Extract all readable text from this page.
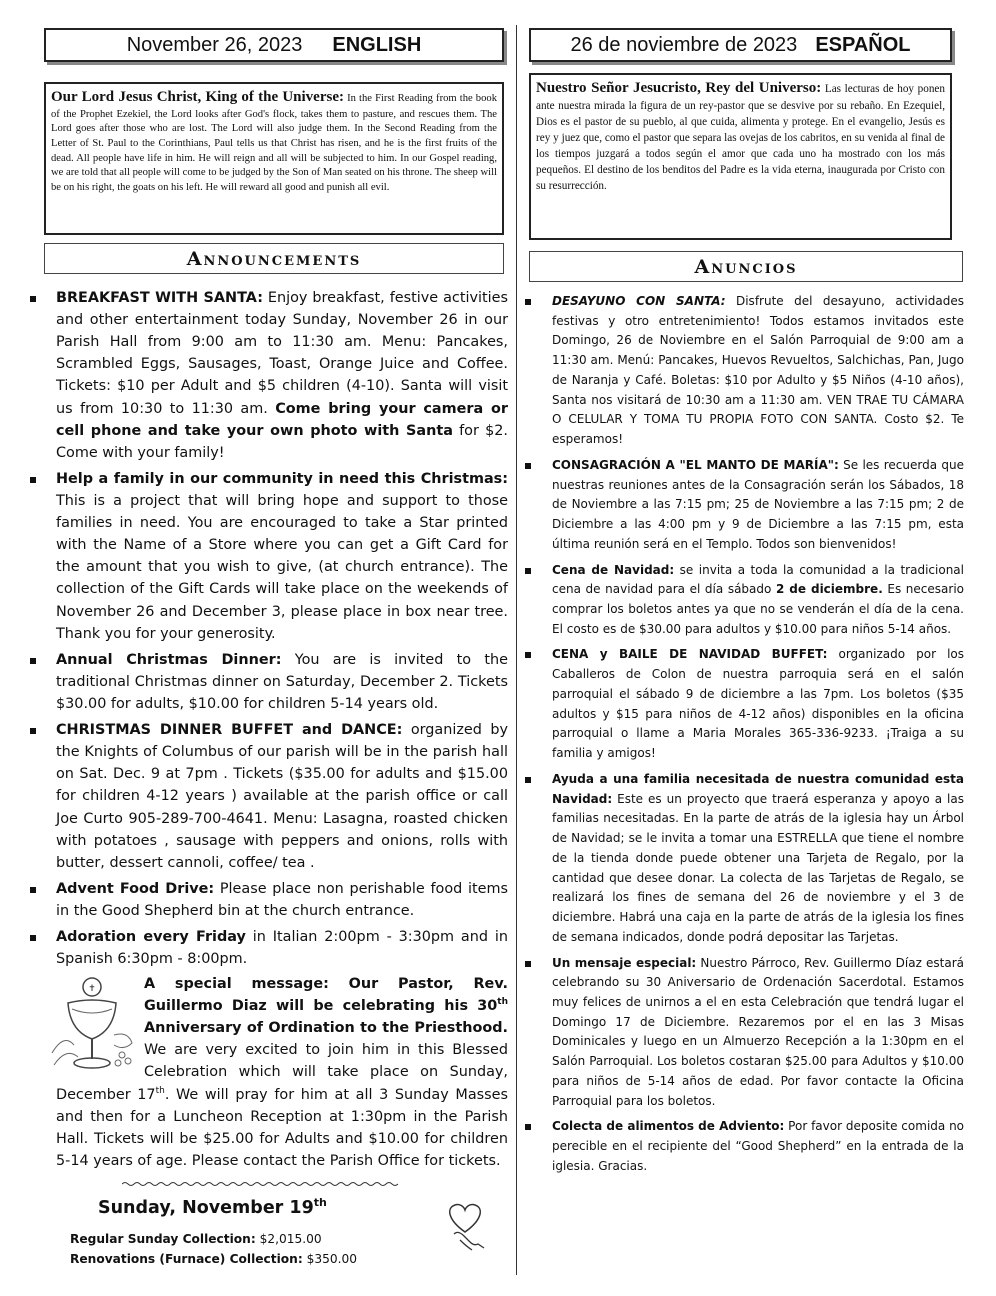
November 26, 2023 ENGLISH
Our Lord Jesus Christ, King of the Universe: In the First Reading from the book of the Prophet Ezekiel, the Lord looks after God's flock, takes them to pasture, and rescues them. The Lord goes after those who are lost. The Lord will also judge them. In the Second Reading from the Letter of St. Paul to the Corinthians, Paul tells us that Christ has risen, and he is the first fruits of the dead. All people have life in him. He will reign and all will be subjected to him. In our Gospel reading, we are told that all people will come to be judged by the Son of Man seated on his throne. The sheep will be on his right, the goats on his left. He will reward all good and punish all evil.
Announcements
BREAKFAST WITH SANTA: Enjoy breakfast, festive activities and other entertainment today Sunday, November 26 in our Parish Hall from 9:00 am to 11:30 am. Menu: Pancakes, Scrambled Eggs, Sausages, Toast, Orange Juice and Coffee. Tickets: $10 per Adult and $5 children (4-10). Santa will visit us from 10:30 to 11:30 am. Come bring your camera or cell phone and take your own photo with Santa for $2. Come with your family!
Help a family in our community in need this Christmas: This is a project that will bring hope and support to those families in need. You are encouraged to take a Star printed with the Name of a Store where you can get a Gift Card for the amount that you wish to give, (at church entrance). The collection of the Gift Cards will take place on the weekends of November 26 and December 3, please place in box near tree. Thank you for your generosity.
Annual Christmas Dinner: You are is invited to the traditional Christmas dinner on Saturday, December 2. Tickets $30.00 for adults, $10.00 for children 5-14 years old.
CHRISTMAS DINNER BUFFET and DANCE: organized by the Knights of Columbus of our parish will be in the parish hall on Sat. Dec. 9 at 7pm . Tickets ($35.00 for adults and $15.00 for children 4-12 years ) available at the parish office or call Joe Curto 905-289-700-4641. Menu: Lasagna, roasted chicken with potatoes , sausage with peppers and onions, rolls with butter, dessert cannoli, coffee/ tea .
Advent Food Drive: Please place non perishable food items in the Good Shepherd bin at the church entrance.
Adoration every Friday in Italian 2:00pm - 3:30pm and in Spanish 6:30pm - 8:00pm.
✝	A special message: Our Pastor, Rev. Guillermo Diaz will be celebrating his 30th Anniversary of Ordination to the Priesthood. We are very excited to join him in this Blessed Celebration which will take place on Sunday, December 17th. We will pray for him at all 3 Sunday Masses and then for a Luncheon Reception at 1:30pm in the Parish Hall. Tickets will be $25.00 for Adults and $10.00 for children 5-14 years of age. Please contact the Parish Office for tickets.
Sunday, November 19th
Regular Sunday Collection: $2,015.00
Renovations (Furnace) Collection: $350.00
26 de noviembre de 2023 ESPAÑOL
Nuestro Señor Jesucristo, Rey del Universo: Las lecturas de hoy ponen ante nuestra mirada la figura de un rey-pastor que se desvive por su rebaño. En Ezequiel, Dios es el pastor de su pueblo, al que cuida, alimenta y protege. En el evangelio, Jesús es rey y juez que, como el pastor que separa las ovejas de los cabritos, en su venida al final de los tiempos juzgará a todos según el amor que cada uno ha mostrado con los más pequeños. El destino de los benditos del Padre es la vida eterna, inaugurada por Cristo con su resurrección.
Anuncios
DESAYUNO CON SANTA: Disfrute del desayuno, actividades festivas y otro entretenimiento! Todos estamos invitados este Domingo, 26 de Noviembre en el Salón Parroquial de 9:00 am a 11:30 am. Menú: Pancakes, Huevos Revueltos, Salchichas, Pan, Jugo de Naranja y Café. Boletas: $10 por Adulto y $5 Niños (4-10 años), Santa nos visitará de 10:30 am a 11:30 am. VEN TRAE TU CÁMARA O CELULAR Y TOMA TU PROPIA FOTO CON SANTA. Costo $2. Te esperamos!
CONSAGRACIÓN A "EL MANTO DE MARÍA": Se les recuerda que nuestras reuniones antes de la Consagración serán los Sábados, 18 de Noviembre a las 7:15 pm; 25 de Noviembre a las 7:15 pm; 2 de Diciembre a las 4:00 pm y 9 de Diciembre a las 7:15 pm, esta última reunión será en el Templo. Todos son bienvenidos!
Cena de Navidad: se invita a toda la comunidad a la tradicional cena de navidad para el día sábado 2 de diciembre. Es necesario comprar los boletos antes ya que no se venderán el día de la cena. El costo es de $30.00 para adultos y $10.00 para niños 5-14 años.
CENA y BAILE DE NAVIDAD BUFFET: organizado por los Caballeros de Colon de nuestra parroquia será en el salón parroquial el sábado 9 de diciembre a las 7pm. Los boletos ($35 adultos y $15 para niños de 4-12 años) disponibles en la oficina parroquial o llame a Maria Morales 365-336-9233. ¡Traiga a su familia y amigos!
Ayuda a una familia necesitada de nuestra comunidad esta Navidad: Este es un proyecto que traerá esperanza y apoyo a las familias necesitadas. En la parte de atrás de la iglesia hay un Árbol de Navidad; se le invita a tomar una ESTRELLA que tiene el nombre de la tienda donde puede obtener una Tarjeta de Regalo, por la cantidad que desee donar. La colecta de las Tarjetas de Regalo, se realizará los fines de semana del 26 de noviembre y el 3 de diciembre. Habrá una caja en la parte de atrás de la iglesia los fines de semana indicados, donde podrá depositar las Tarjetas.
Un mensaje especial: Nuestro Párroco, Rev. Guillermo Díaz estará celebrando su 30 Aniversario de Ordenación Sacerdotal. Estamos muy felices de unirnos a el en esta Celebración que tendrá lugar el Domingo 17 de Diciembre. Rezaremos por el en las 3 Misas Dominicales y luego en un Almuerzo Recepción a la 1:30pm en el Salón Parroquial. Los boletos costaran $25.00 para Adultos y $10.00 para niños de 5-14 años de edad. Por favor contacte la Oficina Parroquial para los boletos.
Colecta de alimentos de Adviento: Por favor deposite comida no perecible en el recipiente del “Good Shepherd” en la entrada de la iglesia. Gracias.
